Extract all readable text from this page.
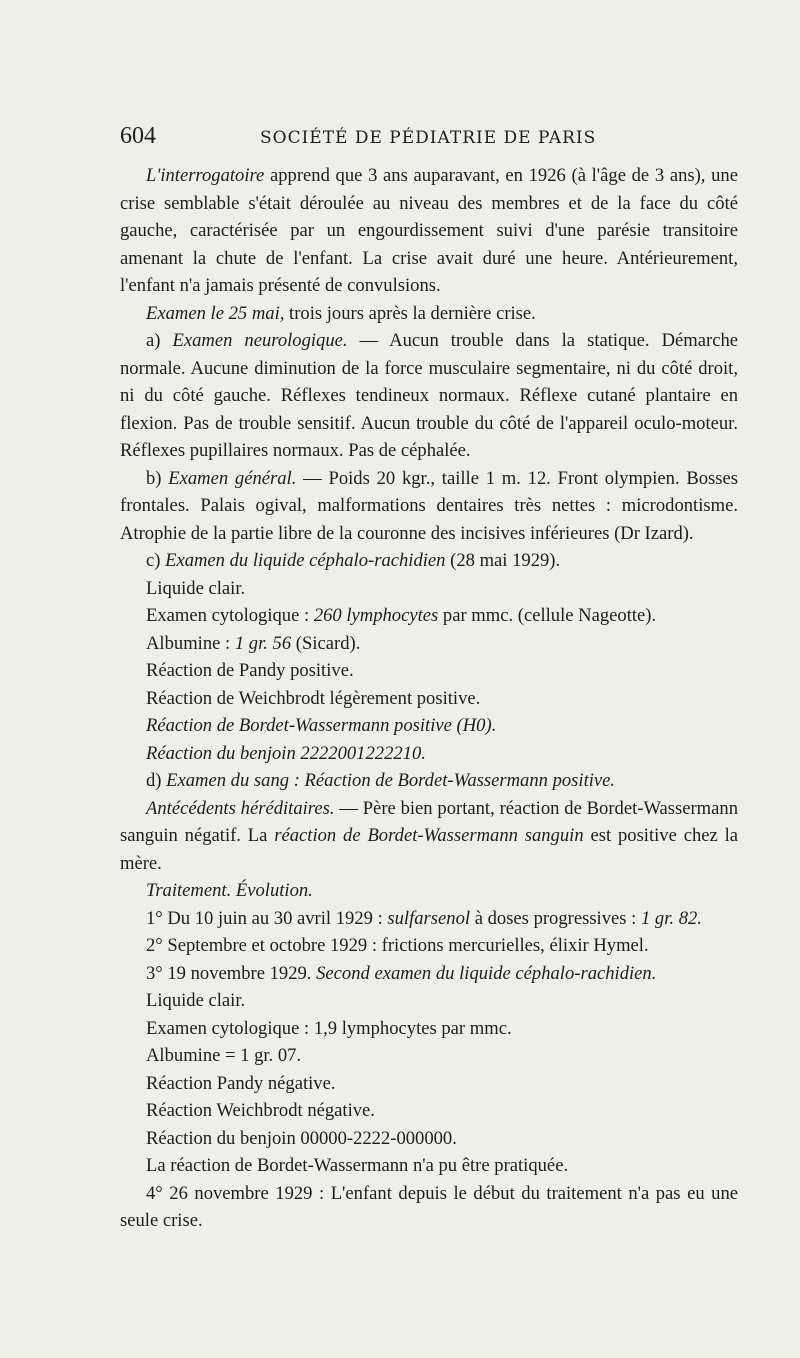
604	SOCIÉTÉ DE PÉDIATRIE DE PARIS

L'interrogatoire apprend que 3 ans auparavant, en 1926 (à l'âge de 3 ans), une crise semblable s'était déroulée au niveau des membres et de la face du côté gauche, caractérisée par un engourdissement suivi d'une parésie transitoire amenant la chute de l'enfant. La crise avait duré une heure. Antérieurement, l'enfant n'a jamais présenté de convulsions.

Examen le 25 mai, trois jours après la dernière crise.

a) Examen neurologique. — Aucun trouble dans la statique. Démarche normale. Aucune diminution de la force musculaire segmentaire, ni du côté droit, ni du côté gauche. Réflexes tendineux normaux. Réflexe cutané plantaire en flexion. Pas de trouble sensitif. Aucun trouble du côté de l'appareil oculo-moteur. Réflexes pupillaires normaux. Pas de céphalée.

b) Examen général. — Poids 20 kgr., taille 1 m. 12. Front olympien. Bosses frontales. Palais ogival, malformations dentaires très nettes : microdontisme. Atrophie de la partie libre de la couronne des incisives inférieures (Dr Izard).

c) Examen du liquide céphalo-rachidien (28 mai 1929).

Liquide clair.

Examen cytologique : 260 lymphocytes par mmc. (cellule Nageotte).

Albumine : 1 gr. 56 (Sicard).

Réaction de Pandy positive.

Réaction de Weichbrodt légèrement positive.

Réaction de Bordet-Wassermann positive (H0).

Réaction du benjoin 2222001222210.

d) Examen du sang : Réaction de Bordet-Wassermann positive.

Antécédents héréditaires. — Père bien portant, réaction de Bordet-Wassermann sanguin négatif. La réaction de Bordet-Wassermann sanguin est positive chez la mère.

Traitement. Évolution.

1° Du 10 juin au 30 avril 1929 : sulfarsenol à doses progressives : 1 gr. 82.

2° Septembre et octobre 1929 : frictions mercurielles, élixir Hymel.

3° 19 novembre 1929. Second examen du liquide céphalo-rachidien.

Liquide clair.

Examen cytologique : 1,9 lymphocytes par mmc.

Albumine = 1 gr. 07.

Réaction Pandy négative.

Réaction Weichbrodt négative.

Réaction du benjoin 00000-2222-000000.

La réaction de Bordet-Wassermann n'a pu être pratiquée.

4° 26 novembre 1929 : L'enfant depuis le début du traitement n'a pas eu une seule crise.
